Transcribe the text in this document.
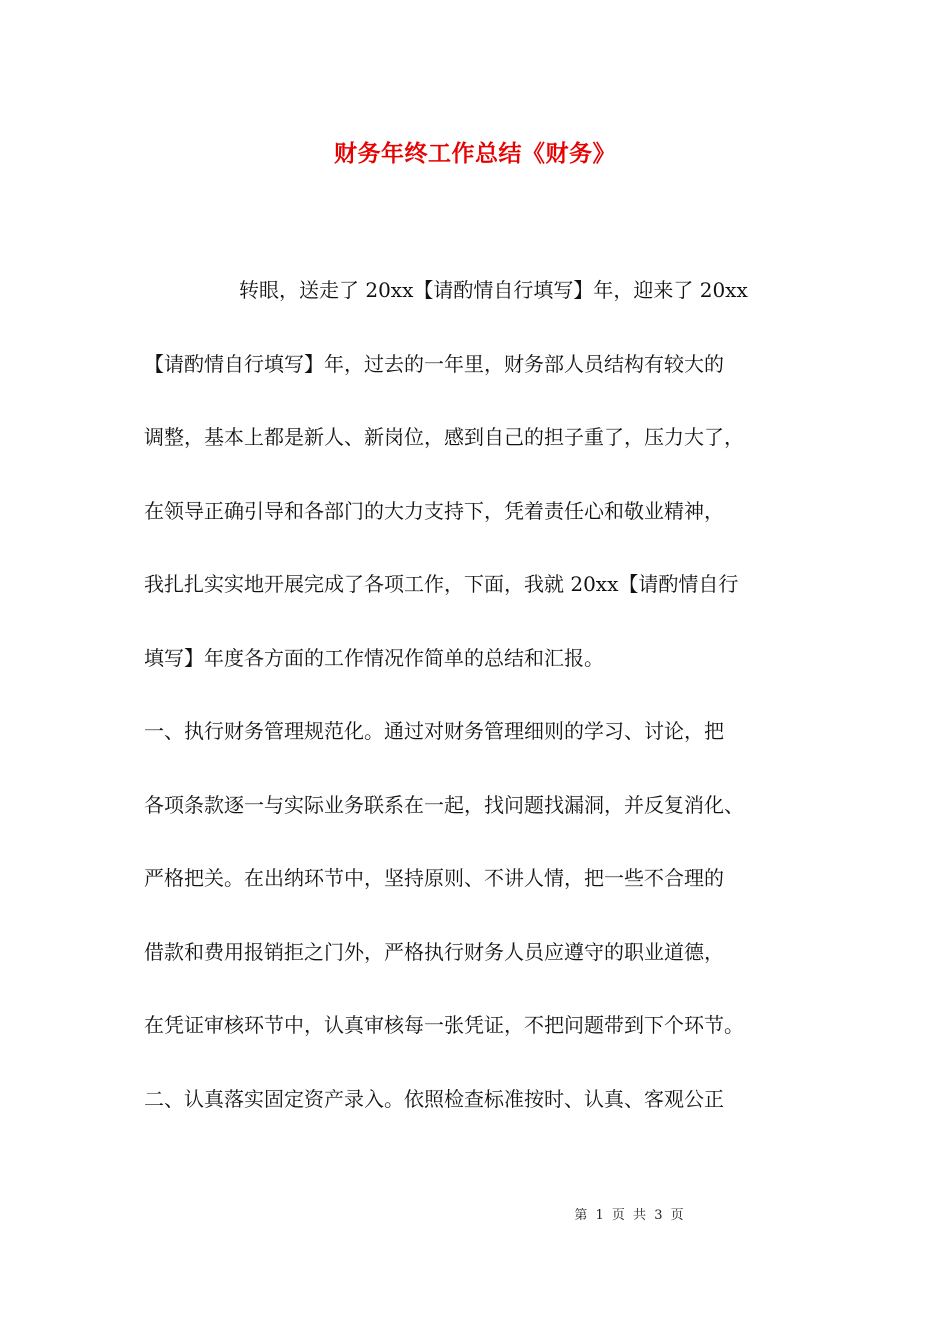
财务年终工作总结《财务》
转眼，送走了 20xx【请酌情自行填写】年，迎来了 20xx
【请酌情自行填写】年，过去的一年里，财务部人员结构有较大的
调整，基本上都是新人、新岗位，感到自己的担子重了，压力大了，
在领导正确引导和各部门的大力支持下，凭着责任心和敬业精神，
我扎扎实实地开展完成了各项工作，下面，我就 20xx【请酌情自行
填写】年度各方面的工作情况作简单的总结和汇报。
一、执行财务管理规范化。通过对财务管理细则的学习、讨论，把
各项条款逐一与实际业务联系在一起，找问题找漏洞，并反复消化、
严格把关。在出纳环节中，坚持原则、不讲人情，把一些不合理的
借款和费用报销拒之门外，严格执行财务人员应遵守的职业道德，
在凭证审核环节中，认真审核每一张凭证，不把问题带到下个环节。
二、认真落实固定资产录入。依照检查标准按时、认真、客观公正
第 1 页 共 3 页
